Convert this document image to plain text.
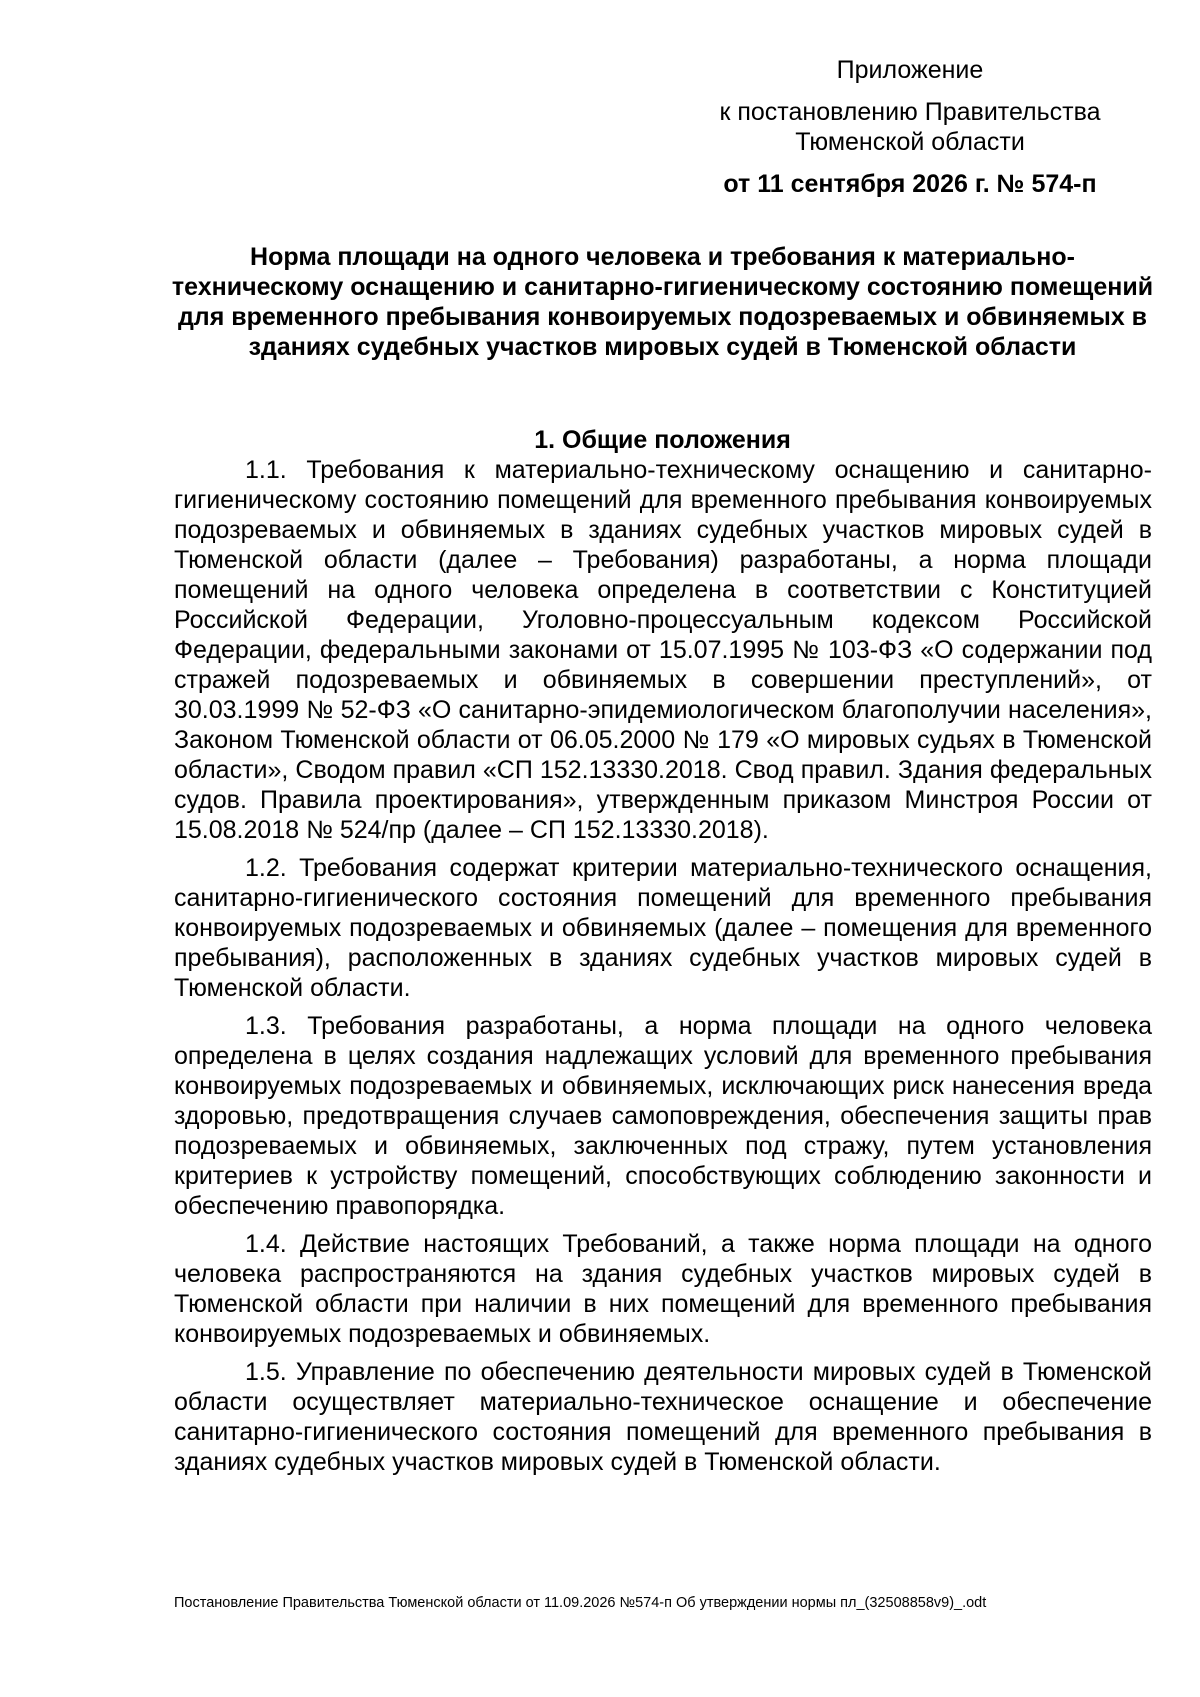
Приложение
к постановлению Правительства
Тюменской области
от 11 сентября 2026 г. № 574-п
Норма площади на одного человека и требования к материально-техническому оснащению и санитарно-гигиеническому состоянию помещений для временного пребывания конвоируемых подозреваемых и обвиняемых в зданиях судебных участков мировых судей в Тюменской области
1. Общие положения

1.1. Требования к материально-техническому оснащению и санитарно-гигиеническому состоянию помещений для временного пребывания конвоируемых подозреваемых и обвиняемых в зданиях судебных участков мировых судей в Тюменской области (далее – Требования) разработаны, а норма площади помещений на одного человека определена в соответствии с Конституцией Российской Федерации, Уголовно-процессуальным кодексом Российской Федерации, федеральными законами от 15.07.1995 № 103-ФЗ «О содержании под стражей подозреваемых и обвиняемых в совершении преступлений», от 30.03.1999 № 52-ФЗ «О санитарно-эпидемиологическом благополучии населения», Законом Тюменской области от 06.05.2000 № 179 «О мировых судьях в Тюменской области», Сводом правил «СП 152.13330.2018. Свод правил. Здания федеральных судов. Правила проектирования», утвержденным приказом Минстроя России от 15.08.2018 № 524/пр (далее – СП 152.13330.2018).

1.2. Требования содержат критерии материально-технического оснащения, санитарно-гигиенического состояния помещений для временного пребывания конвоируемых подозреваемых и обвиняемых (далее – помещения для временного пребывания), расположенных в зданиях судебных участков мировых судей в Тюменской области.

1.3. Требования разработаны, а норма площади на одного человека определена в целях создания надлежащих условий для временного пребывания конвоируемых подозреваемых и обвиняемых, исключающих риск нанесения вреда здоровью, предотвращения случаев самоповреждения, обеспечения защиты прав подозреваемых и обвиняемых, заключенных под стражу, путем установления критериев к устройству помещений, способствующих соблюдению законности и обеспечению правопорядка.

1.4. Действие настоящих Требований, а также норма площади на одного человека распространяются на здания судебных участков мировых судей в Тюменской области при наличии в них помещений для временного пребывания конвоируемых подозреваемых и обвиняемых.

1.5. Управление по обеспечению деятельности мировых судей в Тюменской области осуществляет материально-техническое оснащение и обеспечение санитарно-гигиенического состояния помещений для временного пребывания в зданиях судебных участков мировых судей в Тюменской области.

Постановление Правительства Тюменской области от 11.09.2026 №574-п Об утверждении нормы пл_(32508858v9)_.odt
